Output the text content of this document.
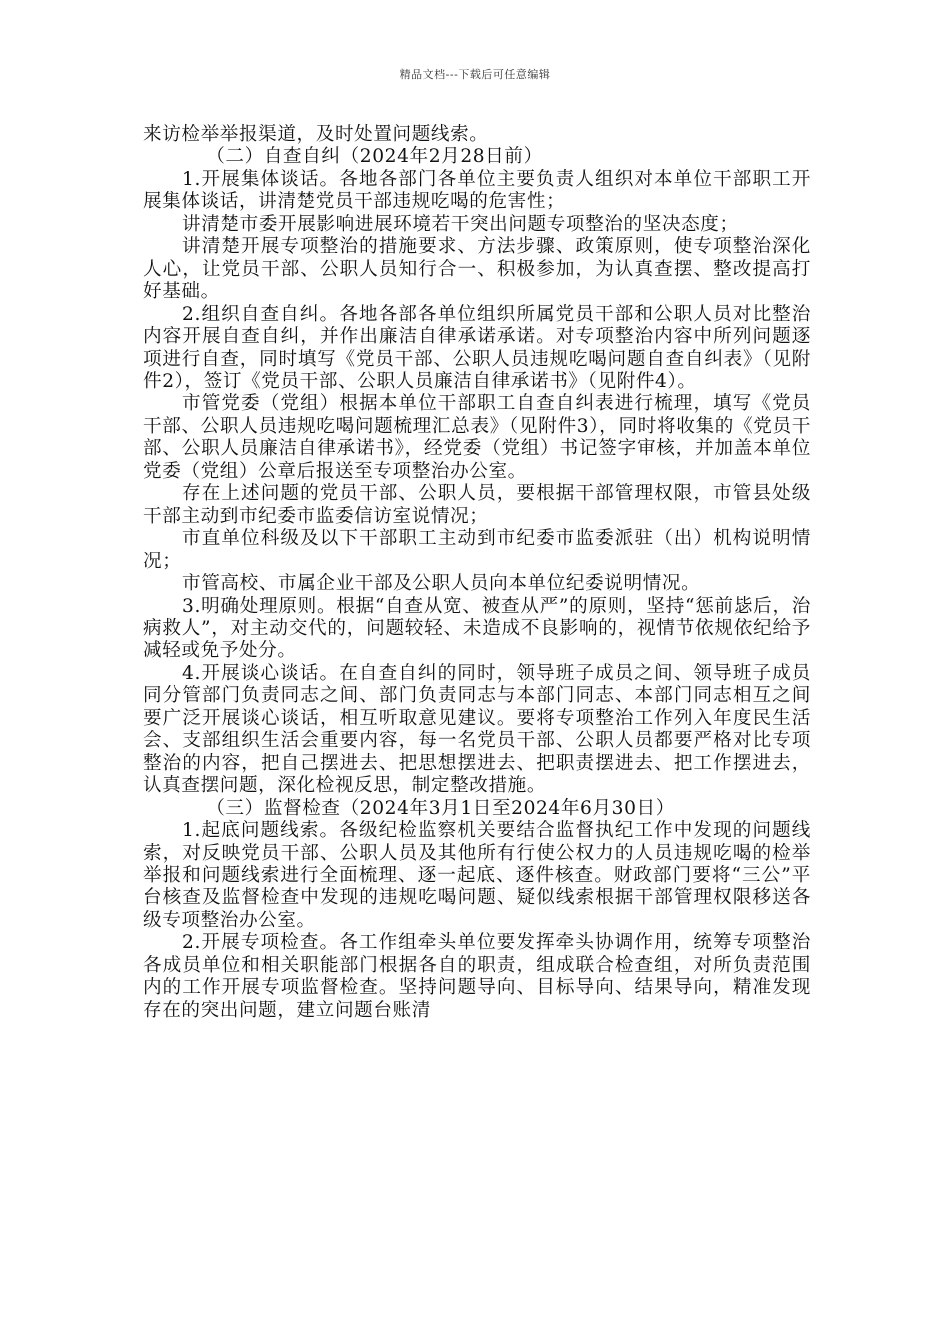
精品文档---下载后可任意编辑

来访检举举报渠道，及时处置问题线索。

（二）自查自纠（2024年2月28日前）

1.开展集体谈话。各地各部门各单位主要负责人组织对本单位干部职工开展集体谈话，讲清楚党员干部违规吃喝的危害性；

讲清楚市委开展影响进展环境若干突出问题专项整治的坚决态度；

讲清楚开展专项整治的措施要求、方法步骤、政策原则，使专项整治深化人心，让党员干部、公职人员知行合一、积极参加，为认真查摆、整改提高打好基础。

2.组织自查自纠。各地各部各单位组织所属党员干部和公职人员对比整治内容开展自查自纠，并作出廉洁自律承诺承诺。对专项整治内容中所列问题逐项进行自查，同时填写《党员干部、公职人员违规吃喝问题自查自纠表》（见附件2），签订《党员干部、公职人员廉洁自律承诺书》（见附件4）。

市管党委（党组）根据本单位干部职工自查自纠表进行梳理，填写《党员干部、公职人员违规吃喝问题梳理汇总表》（见附件3），同时将收集的《党员干部、公职人员廉洁自律承诺书》，经党委（党组）书记签字审核，并加盖本单位党委（党组）公章后报送至专项整治办公室。

存在上述问题的党员干部、公职人员，要根据干部管理权限，市管县处级干部主动到市纪委市监委信访室说情况；

市直单位科级及以下干部职工主动到市纪委市监委派驻（出）机构说明情况；

市管高校、市属企业干部及公职人员向本单位纪委说明情况。

3.明确处理原则。根据“自查从宽、被查从严”的原则，坚持“惩前毖后，治病救人”，对主动交代的，问题较轻、未造成不良影响的，视情节依规依纪给予减轻或免予处分。

4.开展谈心谈话。在自查自纠的同时，领导班子成员之间、领导班子成员同分管部门负责同志之间、部门负责同志与本部门同志、本部门同志相互之间要广泛开展谈心谈话，相互听取意见建议。要将专项整治工作列入年度民生活会、支部组织生活会重要内容，每一名党员干部、公职人员都要严格对比专项整治的内容，把自己摆进去、把思想摆进去、把职责摆进去、把工作摆进去，认真查摆问题，深化检视反思，制定整改措施。

（三）监督检查（2024年3月1日至2024年6月30日）

1.起底问题线索。各级纪检监察机关要结合监督执纪工作中发现的问题线索，对反映党员干部、公职人员及其他所有行使公权力的人员违规吃喝的检举举报和问题线索进行全面梳理、逐一起底、逐件核查。财政部门要将“三公”平台核查及监督检查中发现的违规吃喝问题、疑似线索根据干部管理权限移送各级专项整治办公室。

2.开展专项检查。各工作组牵头单位要发挥牵头协调作用，统筹专项整治各成员单位和相关职能部门根据各自的职责，组成联合检查组，对所负责范围内的工作开展专项监督检查。坚持问题导向、目标导向、结果导向，精准发现存在的突出问题，建立问题台账清
